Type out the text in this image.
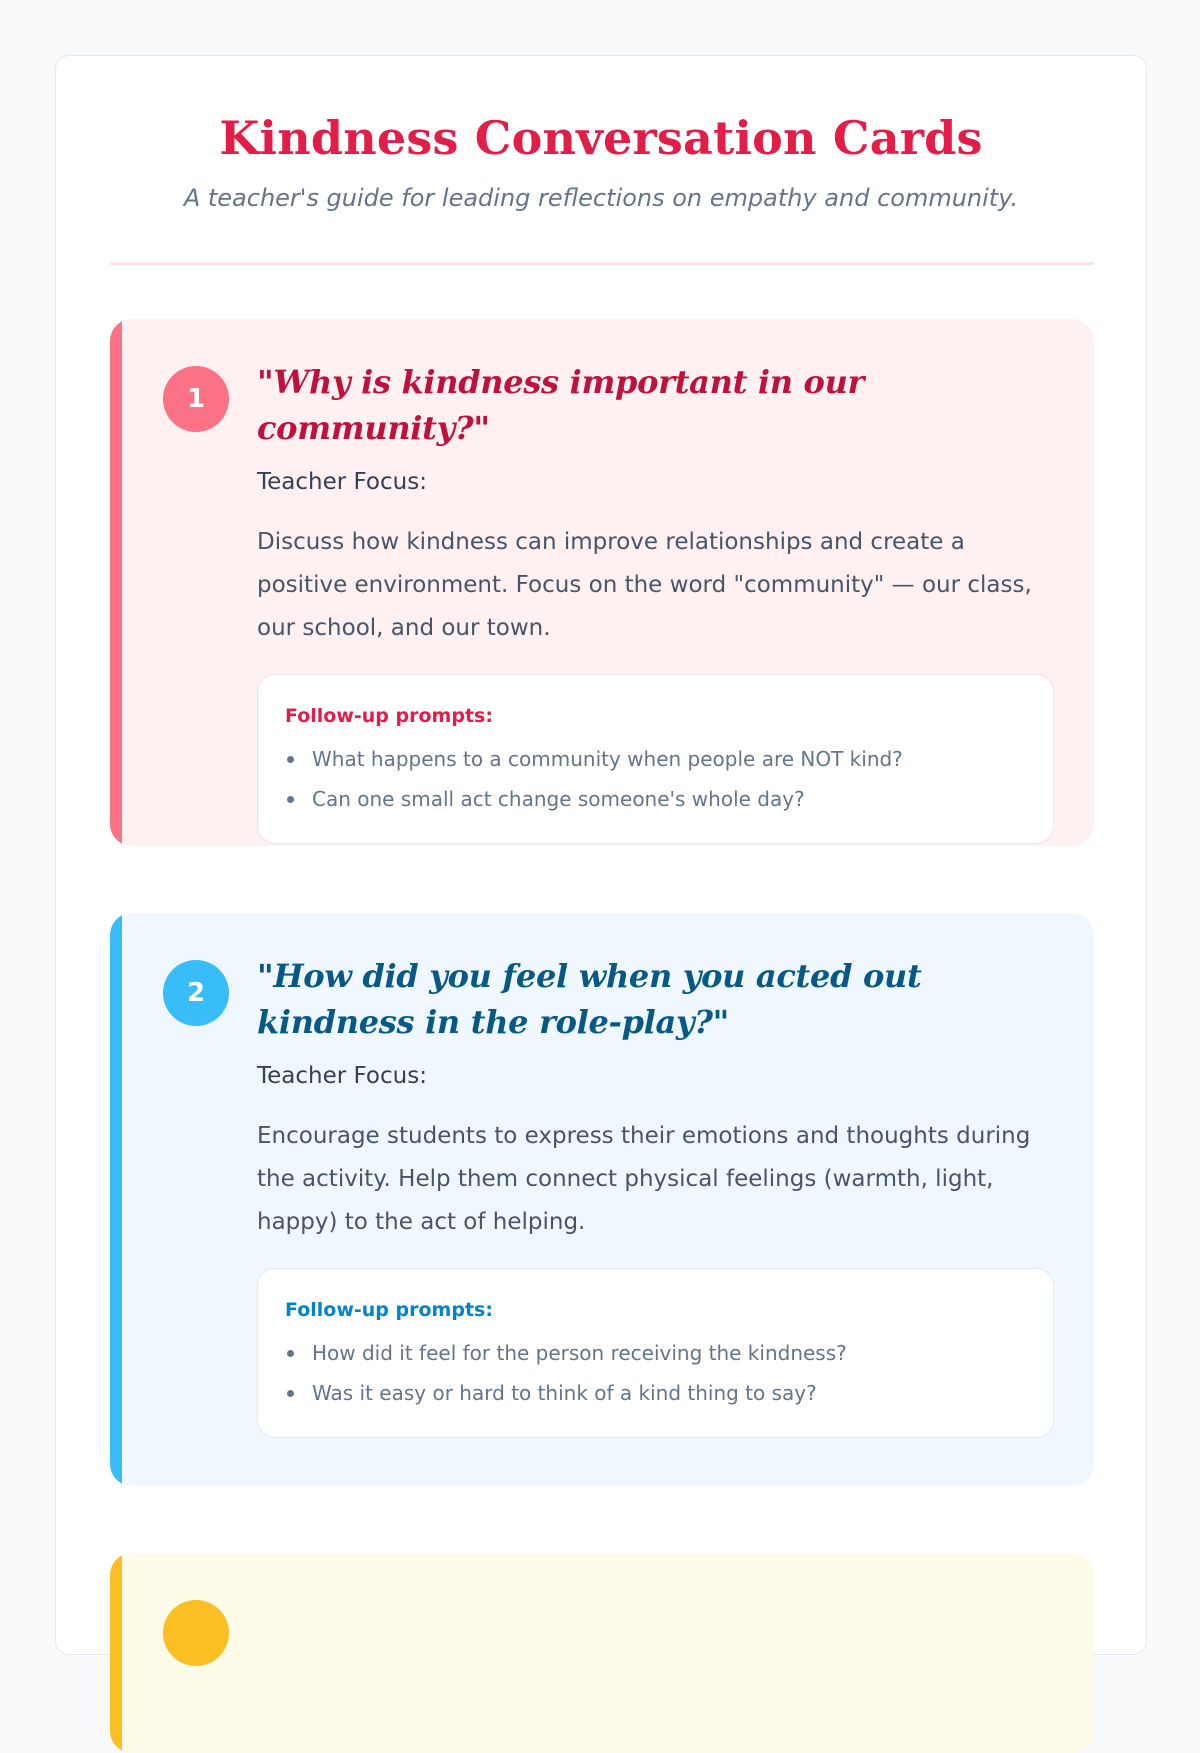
Kindness Conversation Cards

A teacher's guide for leading reflections on empathy and community.

1	"Why is kindness important in our community?"
Teacher Focus:

Discuss how kindness can improve relationships and create a positive environment. Focus on the word "community" — our class, our school, and our town.

Follow-up prompts:
What happens to a community when people are NOT kind?
Can one small act change someone's whole day?
2	"How did you feel when you acted out kindness in the role-play?"
Teacher Focus:

Encourage students to express their emotions and thoughts during the activity. Help them connect physical feelings (warmth, light, happy) to the act of helping.

Follow-up prompts:
How did it feel for the person receiving the kindness?
Was it easy or hard to think of a kind thing to say?
